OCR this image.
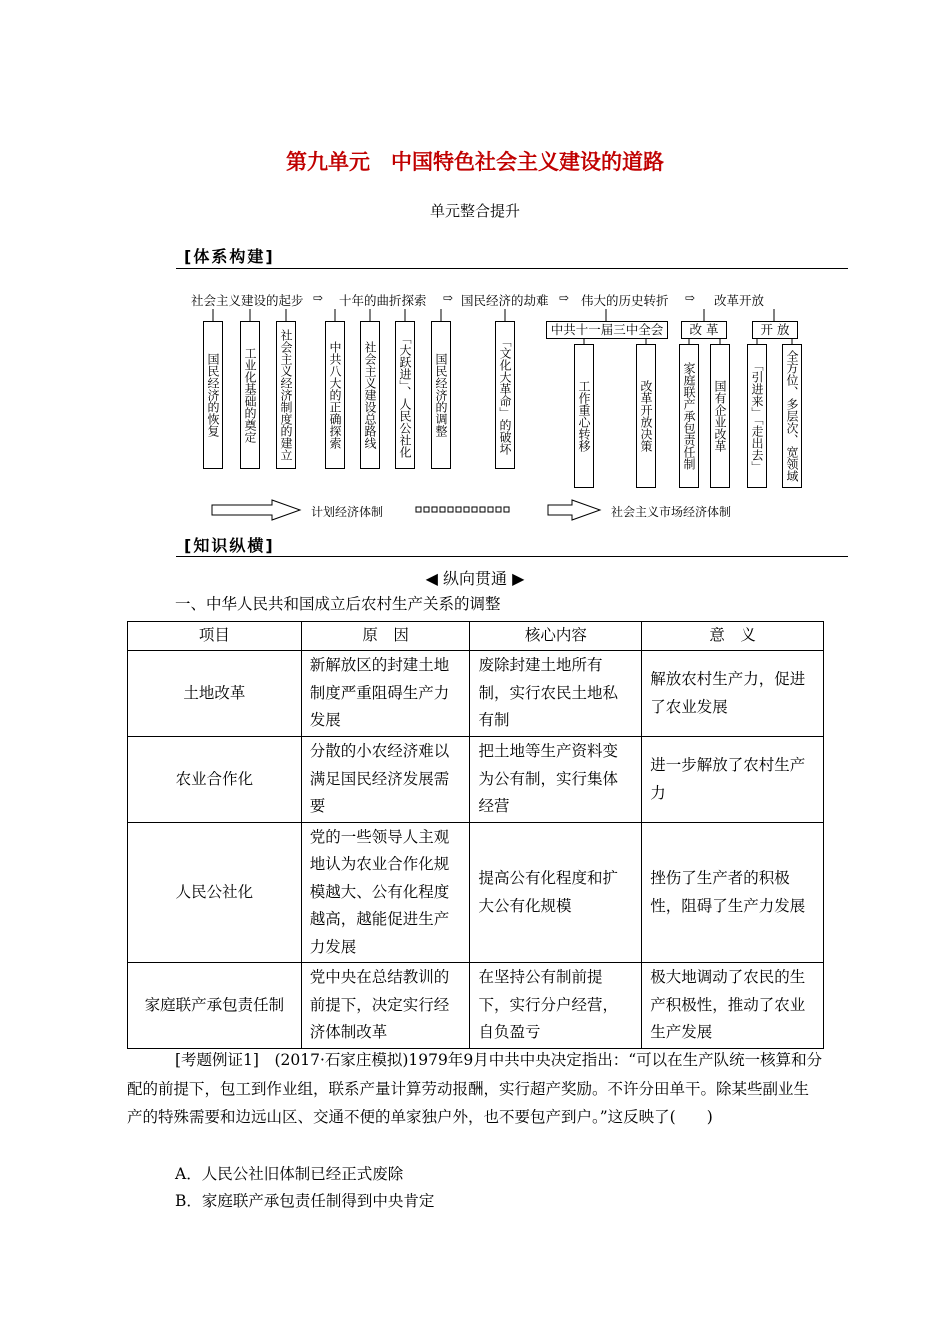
第九单元　中国特色社会主义建设的道路
单元整合提升
[体系构建]
社会主义建设的起步 ⇨ 十年的曲折探索 ⇨ 国民经济的劫难 ⇨ 伟大的历史转折 ⇨ 改革开放
中共十一届三中全会	改 革	开 放
国民经济的恢复 工业化基础的奠定 社会主义经济制度的建立	中共八大的正确探索 社会主义建设总路线 「大跃进」、人民公社化 国民经济的调整	「文化大革命」的破坏	工作重心转移	改革开放决策 家庭联产承包责任制 国有企业改革 「引进来」「走出去」 全方位、多层次、宽领域
计划经济体制	社会主义市场经济体制
[知识纵横]
◀ 纵向贯通 ▶
一、中华人民共和国成立后农村生产关系的调整
项目	原　因	核心内容	意　义
土地改革	新解放区的封建土地制度严重阻碍生产力发展	废除封建土地所有制，实行农民土地私有制	解放农村生产力，促进了农业发展
农业合作化	分散的小农经济难以满足国民经济发展需要	把土地等生产资料变为公有制，实行集体经营	进一步解放了农村生产力
人民公社化	党的一些领导人主观地认为农业合作化规模越大、公有化程度越高，越能促进生产力发展	提高公有化程度和扩大公有化规模	挫伤了生产者的积极性，阻碍了生产力发展
家庭联产承包责任制	党中央在总结教训的前提下，决定实行经济体制改革	在坚持公有制前提下，实行分户经营，自负盈亏	极大地调动了农民的生产积极性，推动了农业生产发展
[考题例证1]　(2017·石家庄模拟)1979年9月中共中央决定指出：“可以在生产队统一核算和分配的前提下，包工到作业组，联系产量计算劳动报酬，实行超产奖励。不许分田单干。除某些副业生产的特殊需要和边远山区、交通不便的单家独户外，也不要包产到户。”这反映了(　　)
A．人民公社旧体制已经正式废除
B．家庭联产承包责任制得到中央肯定
